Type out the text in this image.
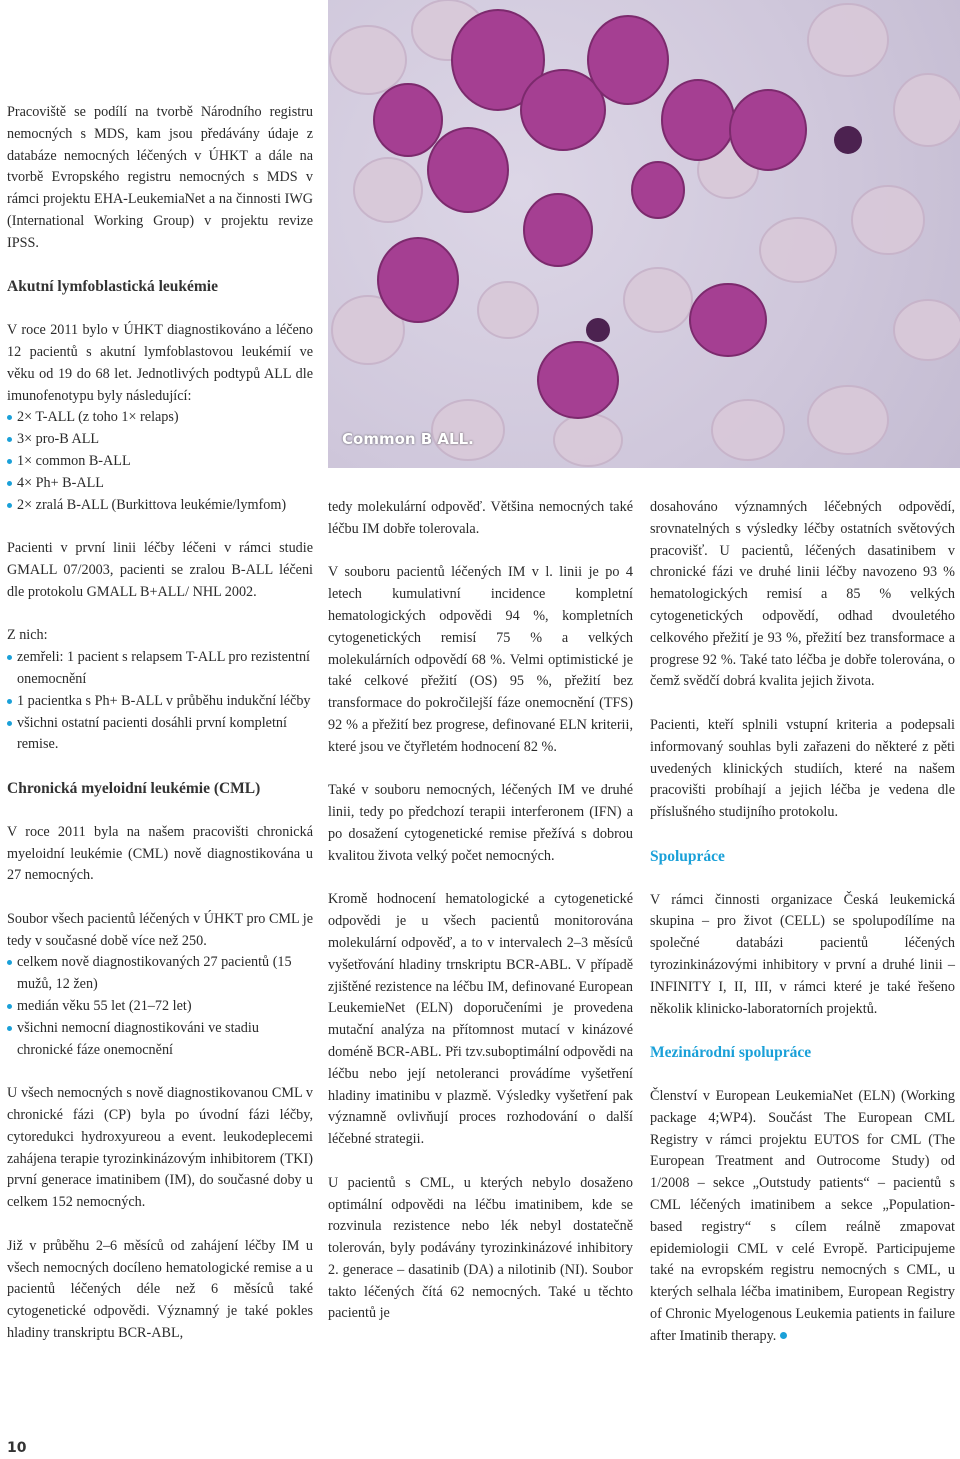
Common B ALL.

Pracoviště se podílí na tvorbě Národního registru nemocných s MDS, kam jsou předávány údaje z databáze nemocných léčených v ÚHKT a dále na tvorbě Evropského registru nemocných s MDS v rámci projektu EHA-LeukemiaNet a na činnosti IWG (International Working Group) v projektu revize IPSS.

Akutní lymfoblastická leukémie

V roce 2011 bylo v ÚHKT diagnostikováno a léčeno 12 pacientů s akutní lymfoblastovou leukémií ve věku od 19 do 68 let. Jednotlivých podtypů ALL dle imunofenotypu byly následující:

2× T-ALL (z toho 1× relaps)
3× pro-B ALL
1× common B-ALL
4× Ph+ B-ALL
2× zralá B-ALL (Burkittova leukémie/lymfom)

Pacienti v první linii léčby léčeni v rámci studie GMALL 07/2003, pacienti se zralou B-ALL léčeni dle protokolu GMALL B+ALL/ NHL 2002.

Z nich:

zemřeli: 1 pacient s relapsem T-ALL pro rezistentní onemocnění
1 pacientka s Ph+ B-ALL v průběhu indukční léčby
všichni ostatní pacienti dosáhli první kompletní remise.
Chronická myeloidní leukémie (CML)

V roce 2011 byla na našem pracovišti chronická myeloidní leukémie (CML) nově diagnostikována u 27 nemocných.

Soubor všech pacientů léčených v ÚHKT pro CML je tedy v současné době více než 250.

celkem nově diagnostikovaných 27 pacientů (15 mužů, 12 žen)
medián věku 55 let (21–72 let)
všichni nemocní diagnostikováni ve stadiu chronické fáze onemocnění

U všech nemocných s nově diagnostikovanou CML v chronické fázi (CP) byla po úvodní fázi léčby, cytoredukci hydroxyureou a event. leukodeplecemi zahájena terapie tyrozinkinázovým inhibitorem (TKI) první generace imatinibem (IM), do současné doby u celkem 152 nemocných.

Již v průběhu 2–6 měsíců od zahájení léčby IM u všech nemocných docíleno hematologické remise a u pacientů léčených déle než 6 měsíců také cytogenetické odpovědi. Významný je také pokles hladiny transkriptu BCR-ABL,

tedy molekulární odpověď. Většina nemocných také léčbu IM dobře tolerovala.

V souboru pacientů léčených IM v l. linii je po 4 letech kumulativní incidence kompletní hematologických odpovědi 94 %, kompletních cytogenetických remisí 75 % a velkých molekulárních odpovědí 68 %. Velmi optimistické je také celkové přežití (OS) 95 %, přežití bez transformace do pokročilejší fáze onemocnění (TFS) 92 % a přežití bez progrese, definované ELN kriterii, které jsou ve čtyřletém hodnocení 82 %.

Také v souboru nemocných, léčených IM ve druhé linii, tedy po předchozí terapii interferonem (IFN) a po dosažení cytogenetické remise přežívá s dobrou kvalitou života velký počet nemocných.

Kromě hodnocení hematologické a cytogenetické odpovědi je u všech pacientů monitorována molekulární odpověď, a to v intervalech 2–3 měsíců vyšetřování hladiny trnskriptu BCR-ABL. V případě zjištěné rezistence na léčbu IM, definované European LeukemieNet (ELN) doporučeními je provedena mutační analýza na přítomnost mutací v kinázové doméně BCR-ABL. Při tzv.suboptimální odpovědi na léčbu nebo její netoleranci provádíme vyšetření hladiny imatinibu v plazmě. Výsledky vyšetření pak významně ovlivňují proces rozhodování o další léčebné strategii.

U pacientů s CML, u kterých nebylo dosaženo optimální odpovědi na léčbu imatinibem, kde se rozvinula rezistence nebo lék nebyl dostatečně tolerován, byly podávány tyrozinkinázové inhibitory 2. generace – dasatinib (DA) a nilotinib (NI). Soubor takto léčených čítá 62 nemocných. Také u těchto pacientů je

dosahováno významných léčebných odpovědí, srovnatelných s výsledky léčby ostatních světových pracovišť. U pacientů, léčených dasatinibem v chronické fázi ve druhé linii léčby navozeno 93 % hematologických remisí a 85 % velkých cytogenetických odpovědí, odhad dvouletého celkového přežití je 93 %, přežití bez transformace a progrese 92 %. Také tato léčba je dobře tolerována, o čemž svědčí dobrá kvalita jejich života.

Pacienti, kteří splnili vstupní kriteria a podepsali informovaný souhlas byli zařazeni do některé z pěti uvedených klinických studiích, které na našem pracovišti probíhají a jejich léčba je vedena dle příslušného studijního protokolu.

Spolupráce

V rámci činnosti organizace Česká leukemická skupina – pro život (CELL) se spolupodílíme na společné databázi pacientů léčených tyrozinkinázovými inhibitory v první a druhé linii – INFINITY I, II, III, v rámci které je také řešeno několik klinicko-laboratorních projektů.

Mezinárodní spolupráce

Členství v European LeukemiaNet (ELN) (Working package 4;WP4). Součást The European CML Registry v rámci projektu EUTOS for CML (The European Treatment and Outrocome Study) od 1/2008 – sekce „Outstudy patients“ – pacientů s CML léčených imatinibem a sekce „Population-based registry“ s cílem reálně zmapovat epidemiologii CML v celé Evropě. Participujeme také na evropském registru nemocných s CML, u kterých selhala léčba imatinibem, European Registry of Chronic Myelogenous Leukemia patients in failure after Imatinib therapy.

10
